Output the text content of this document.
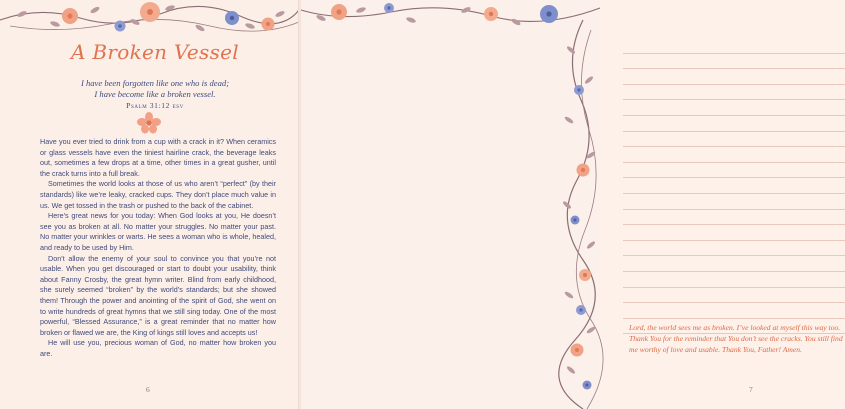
A Broken Vessel
I have been forgotten like one who is dead;
I have become like a broken vessel.
Psalm 31:12 esv

Have you ever tried to drink from a cup with a crack in it? When ceramics or glass vessels have even the tiniest hairline crack, the beverage leaks out, sometimes a few drops at a time, other times in a great gusher, until the crack turns into a full break.

Sometimes the world looks at those of us who aren’t “perfect” (by their standards) like we’re leaky, cracked cups. They don’t place much value in us. We get tossed in the trash or pushed to the back of the cabinet.

Here’s great news for you today: When God looks at you, He doesn’t see you as broken at all. No matter your struggles. No matter your past. No matter your wrinkles or warts. He sees a woman who is whole, healed, and ready to be used by Him.

Don’t allow the enemy of your soul to convince you that you’re not usable. When you get discouraged or start to doubt your usability, think about Fanny Crosby, the great hymn writer. Blind from early childhood, she surely seemed “broken” by the world’s standards; but she showed them! Through the power and anointing of the spirit of God, she went on to write hundreds of great hymns that we still sing today. One of the most powerful, “Blessed Assurance,” is a great reminder that no matter how broken or flawed we are, the King of kings still loves and accepts us!

He will use you, precious woman of God, no matter how broken you are.

6
Lord, the world sees me as broken. I’ve looked at myself this way too. Thank You for the reminder that You don’t see the cracks. You still find me worthy of love and usable. Thank You, Father! Amen.
7
